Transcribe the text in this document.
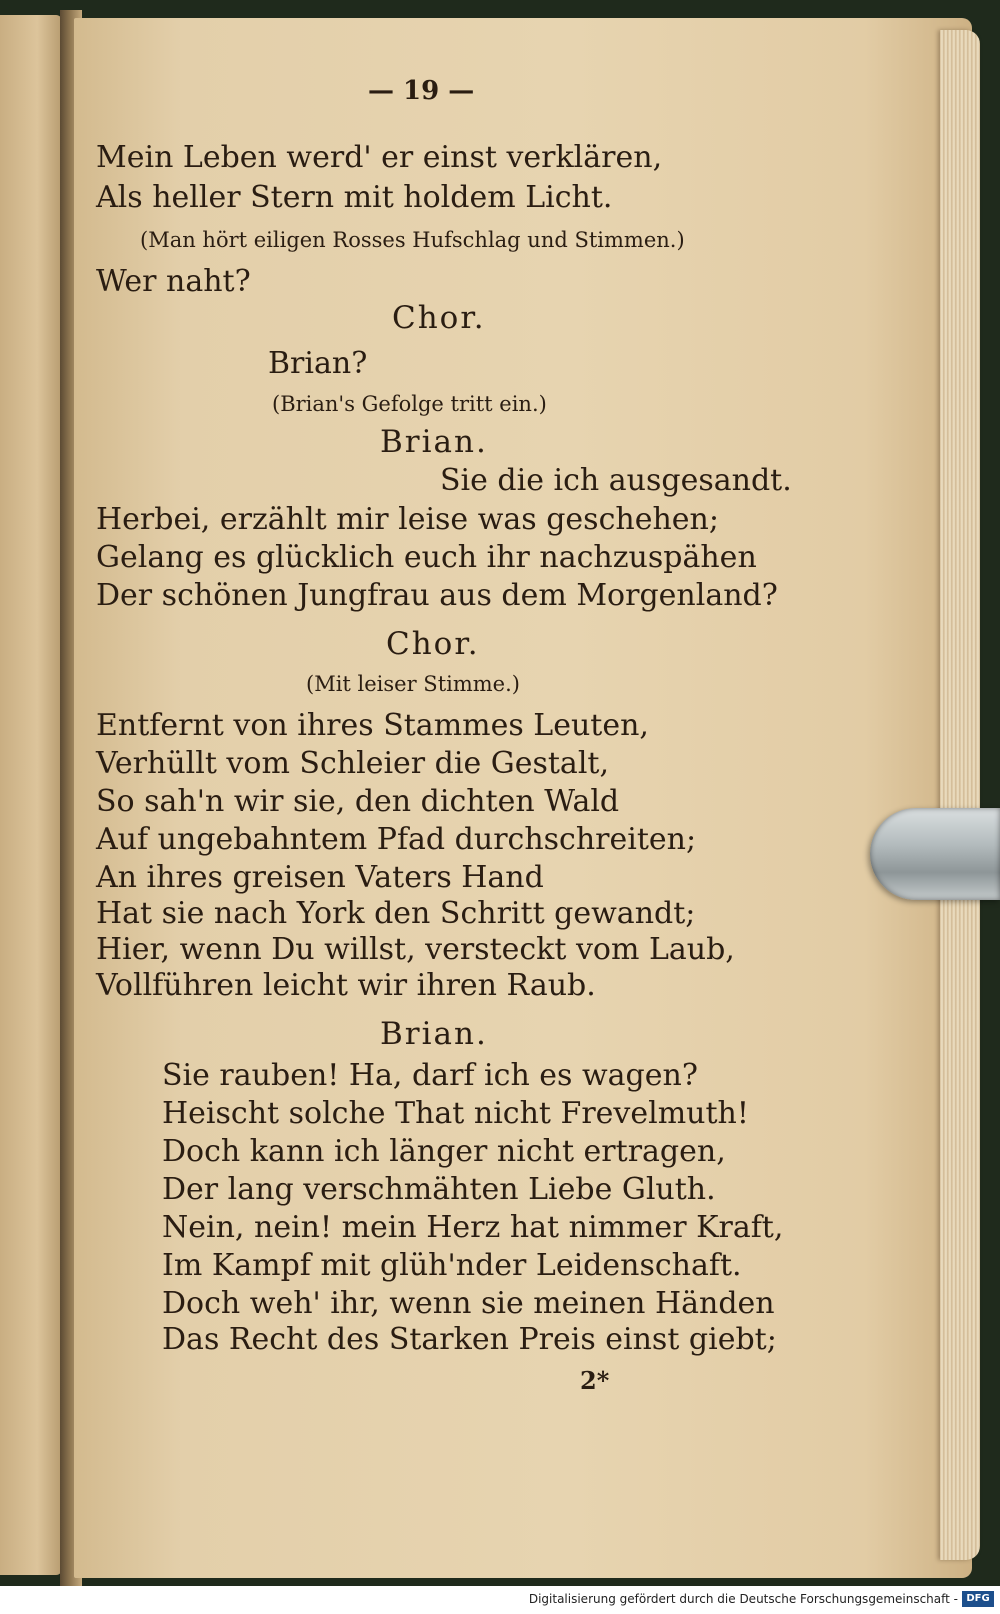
— 19 —
Mein Leben werd' er einst verklären,
Als heller Stern mit holdem Licht.
(Man hört eiligen Rosses Hufschlag und Stimmen.)
Wer naht?
Chor.
Brian?
(Brian's Gefolge tritt ein.)
Brian.
Sie die ich ausgesandt.
Herbei, erzählt mir leise was geschehen;
Gelang es glücklich euch ihr nachzuspähen
Der schönen Jungfrau aus dem Morgenland?
Chor.
(Mit leiser Stimme.)
Entfernt von ihres Stammes Leuten,
Verhüllt vom Schleier die Gestalt,
So sah'n wir sie, den dichten Wald
Auf ungebahntem Pfad durchschreiten;
An ihres greisen Vaters Hand
Hat sie nach York den Schritt gewandt;
Hier, wenn Du willst, versteckt vom Laub,
Vollführen leicht wir ihren Raub.
Brian.
Sie rauben! Ha, darf ich es wagen?
Heischt solche That nicht Frevelmuth!
Doch kann ich länger nicht ertragen,
Der lang verschmähten Liebe Gluth.
Nein, nein! mein Herz hat nimmer Kraft,
Im Kampf mit glüh'nder Leidenschaft.
Doch weh' ihr, wenn sie meinen Händen
Das Recht des Starken Preis einst giebt;
2*
Digitalisierung gefördert durch die Deutsche Forschungsgemeinschaft - DFG
